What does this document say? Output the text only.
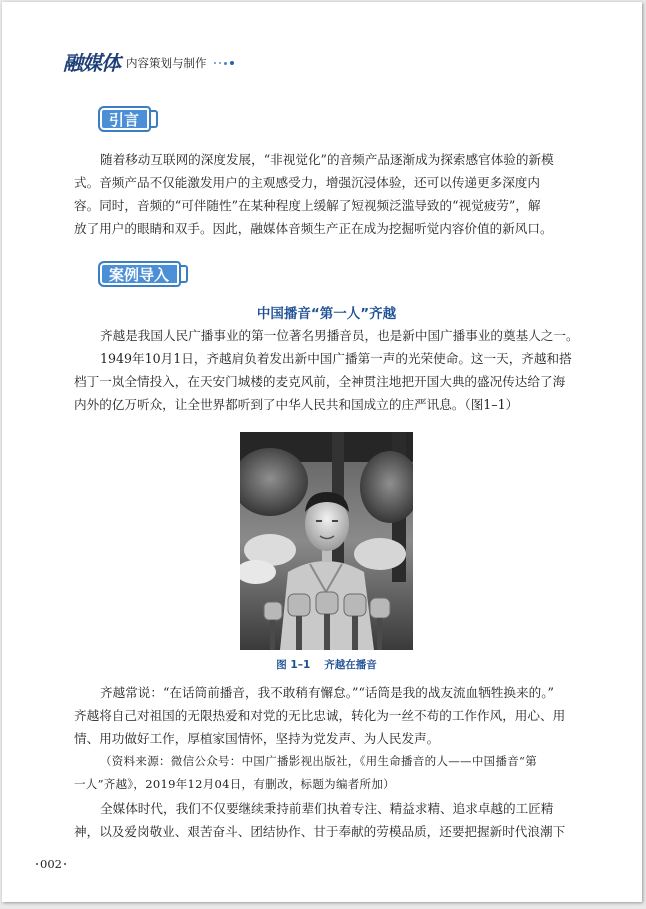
融媒体 内容策划与制作
引言

随着移动互联网的深度发展，“非视觉化”的音频产品逐渐成为探索感官体验的新模
式。音频产品不仅能激发用户的主观感受力，增强沉浸体验，还可以传递更多深度内
容。同时，音频的“可伴随性”在某种程度上缓解了短视频泛滥导致的“视觉疲劳”，解
放了用户的眼睛和双手。因此，融媒体音频生产正在成为挖掘听觉内容价值的新风口。

案例导入
中国播音“第一人”齐越

齐越是我国人民广播事业的第一位著名男播音员，也是新中国广播事业的奠基人之一。

1949年10月1日，齐越肩负着发出新中国广播第一声的光荣使命。这一天，齐越和搭
档丁一岚全情投入，在天安门城楼的麦克风前，全神贯注地把开国大典的盛况传达给了海
内外的亿万听众，让全世界都听到了中华人民共和国成立的庄严讯息。（图1–1）

图 1–1 齐越在播音

齐越常说：“在话筒前播音，我不敢稍有懈怠。”“话筒是我的战友流血牺牲换来的。”
齐越将自己对祖国的无限热爱和对党的无比忠诚，转化为一丝不苟的工作作风，用心、用
情、用功做好工作，厚植家国情怀，坚持为党发声、为人民发声。

（资料来源：微信公众号：中国广播影视出版社，《用生命播音的人——中国播音“第
一人”齐越》，2019年12月04日，有删改，标题为编者所加）

全媒体时代，我们不仅要继续秉持前辈们执着专注、精益求精、追求卓越的工匠精
神，以及爱岗敬业、艰苦奋斗、团结协作、甘于奉献的劳模品质，还要把握新时代浪潮下

002
